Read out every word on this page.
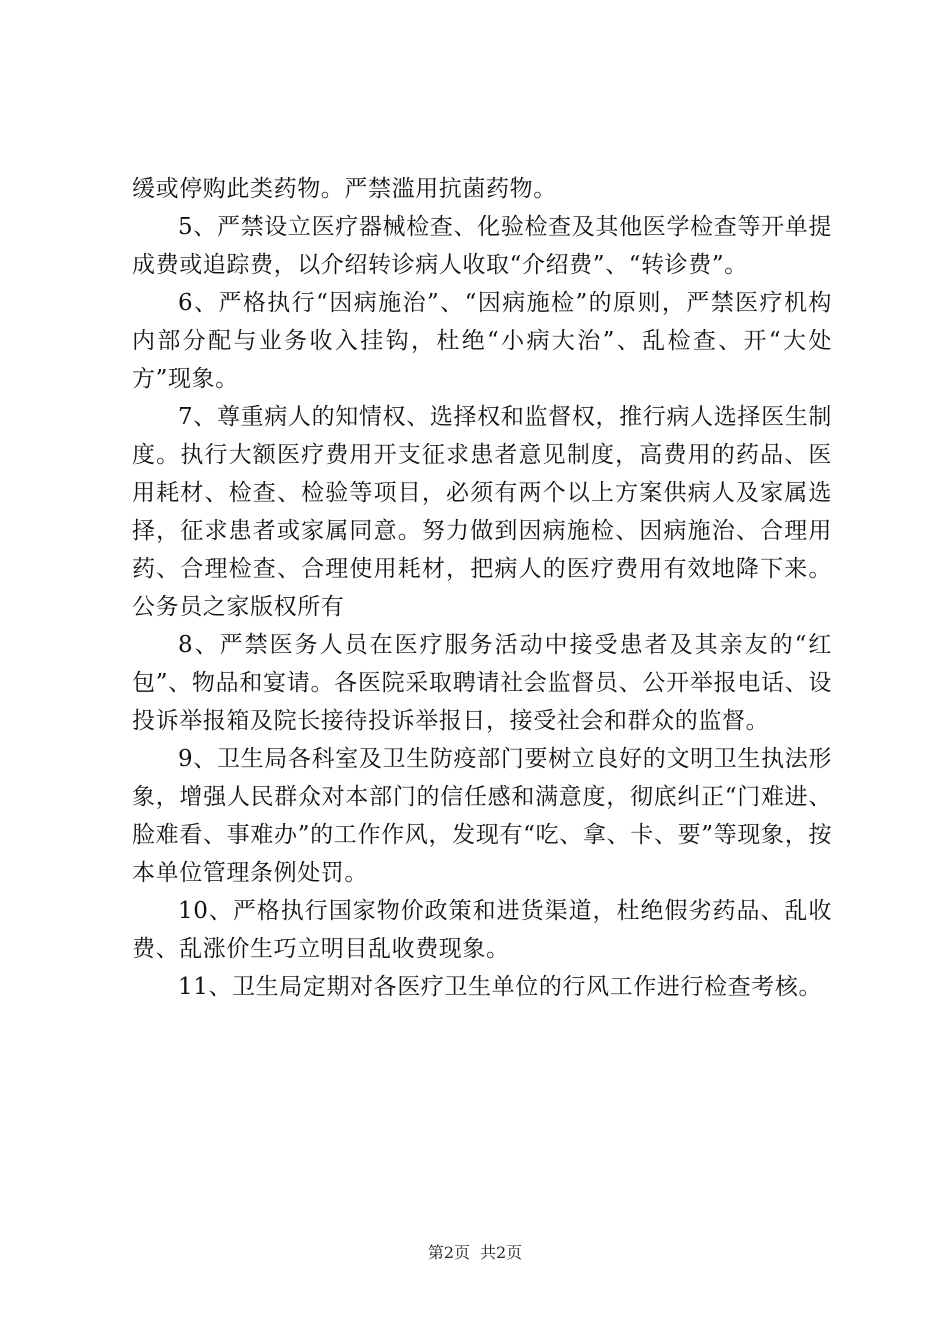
缓或停购此类药物。严禁滥用抗菌药物。

5、严禁设立医疗器械检查、化验检查及其他医学检查等开单提成费或追踪费，以介绍转诊病人收取“介绍费”、“转诊费”。

6、严格执行“因病施治”、“因病施检”的原则，严禁医疗机构内部分配与业务收入挂钩，杜绝“小病大治”、乱检查、开“大处方”现象。

7、尊重病人的知情权、选择权和监督权，推行病人选择医生制度。执行大额医疗费用开支征求患者意见制度，高费用的药品、医用耗材、检查、检验等项目，必须有两个以上方案供病人及家属选择，征求患者或家属同意。努力做到因病施检、因病施治、合理用药、合理检查、合理使用耗材，把病人的医疗费用有效地降下来。公务员之家版权所有

8、严禁医务人员在医疗服务活动中接受患者及其亲友的“红包”、物品和宴请。各医院采取聘请社会监督员、公开举报电话、设投诉举报箱及院长接待投诉举报日，接受社会和群众的监督。

9、卫生局各科室及卫生防疫部门要树立良好的文明卫生执法形象，增强人民群众对本部门的信任感和满意度，彻底纠正“门难进、脸难看、事难办”的工作作风，发现有“吃、拿、卡、要”等现象，按本单位管理条例处罚。

10、严格执行国家物价政策和进货渠道，杜绝假劣药品、乱收费、乱涨价生巧立明目乱收费现象。

11、卫生局定期对各医疗卫生单位的行风工作进行检查考核。

第2页 共2页
